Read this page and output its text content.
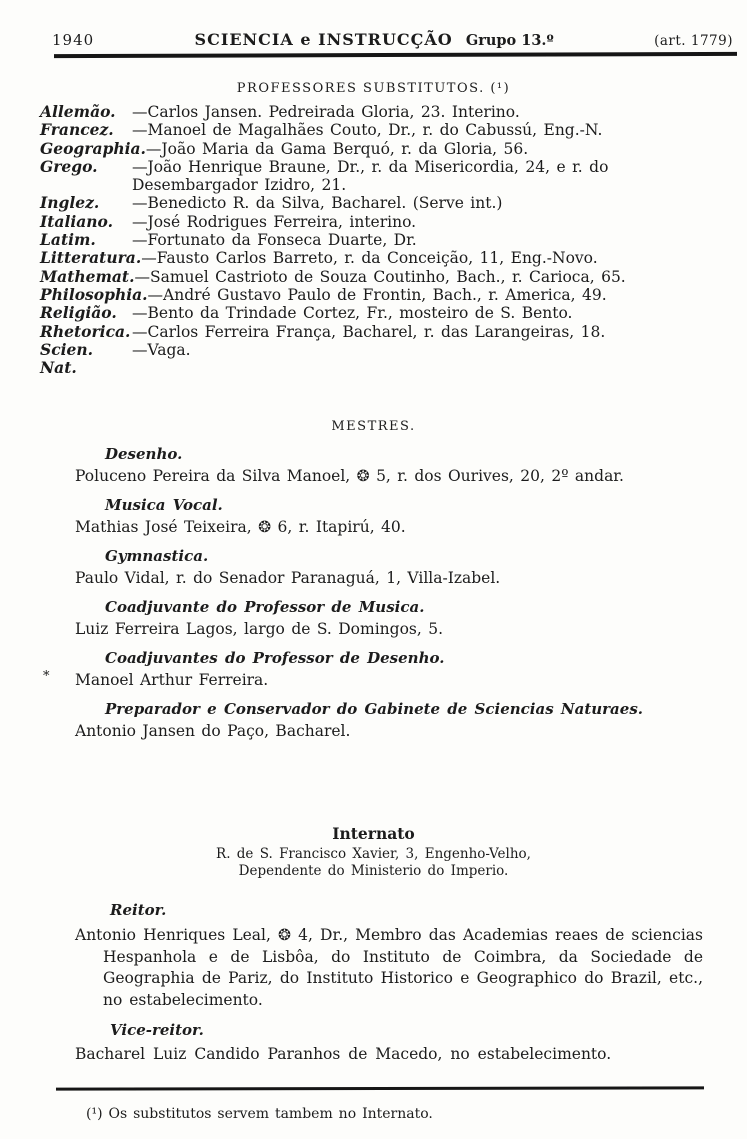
1940	SCIENCIA e INSTRUCÇÃO Grupo 13.º	(art. 1779)
PROFESSORES SUBSTITUTOS. (¹)
Allemão.	—Carlos Jansen. Pedreirada Gloria, 23. Interino.
Francez.	—Manoel de Magalhães Couto, Dr., r. do Cabussú, Eng.-N.
Geographia. —João Maria da Gama Berquó, r. da Gloria, 56.
Grego.	—João Henrique Braune, Dr., r. da Misericordia, 24, e r. do Desembargador Izidro, 21.
Inglez.	—Benedicto R. da Silva, Bacharel. (Serve int.)
Italiano.	—José Rodrigues Ferreira, interino.
Latim.	—Fortunato da Fonseca Duarte, Dr.
Litteratura. —Fausto Carlos Barreto, r. da Conceição, 11, Eng.-Novo.
Mathemat. —Samuel Castrioto de Souza Coutinho, Bach., r. Carioca, 65.
Philosophia. —André Gustavo Paulo de Frontin, Bach., r. America, 49.
Religião. —Bento da Trindade Cortez, Fr., mosteiro de S. Bento.
Rhetorica. —Carlos Ferreira França, Bacharel, r. das Larangeiras, 18.
Scien. Nat.
—Vaga.
MESTRES.
Desenho.
Poluceno Pereira da Silva Manoel, ❂ 5, r. dos Ourives, 20, 2º andar.
Musica Vocal.
Mathias José Teixeira, ❂ 6, r. Itapirú, 40.
Gymnastica.
Paulo Vidal, r. do Senador Paranaguá, 1, Villa-Izabel.
Coadjuvante do Professor de Musica.
Luiz Ferreira Lagos, largo de S. Domingos, 5.
Coadjuvantes do Professor de Desenho.
* Manoel Arthur Ferreira.
Preparador e Conservador do Gabinete de Sciencias Naturaes.
Antonio Jansen do Paço, Bacharel.
Internato
R. de S. Francisco Xavier, 3, Engenho-Velho,
Dependente do Ministerio do Imperio.
Reitor.
Antonio Henriques Leal, ❂ 4, Dr., Membro das Academias reaes de sciencias Hespanhola e de Lisbôa, do Instituto de Coimbra, da Sociedade de Geographia de Pariz, do Instituto Historico e Geographico do Brazil, etc., no estabelecimento.
Vice-reitor.
Bacharel Luiz Candido Paranhos de Macedo, no estabelecimento.
(¹) Os substitutos servem tambem no Internato.
